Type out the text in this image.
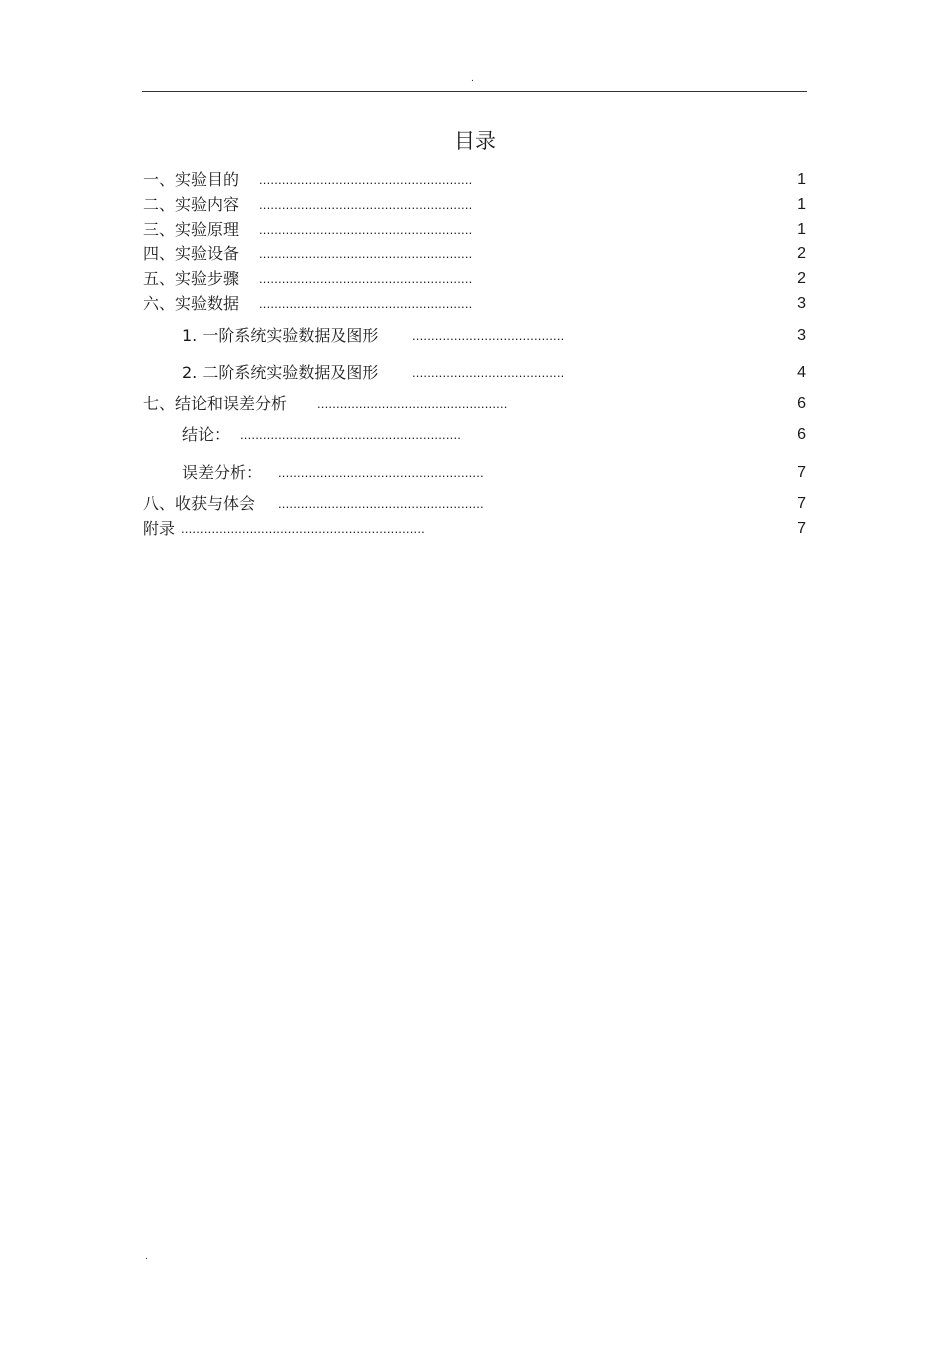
.
目录
一、实验目的 ........................................................	1
二、实验内容 ........................................................	1
三、实验原理 ........................................................	1
四、实验设备 ........................................................	2
五、实验步骤 ........................................................	2
六、实验数据 ........................................................	3
1. 一阶系统实验数据及图形	........................................	3
2. 二阶系统实验数据及图形	........................................	4
七、结论和误差分析 ..................................................	6
结论： ..........................................................	6
误差分析： ......................................................	7
八、收获与体会 ......................................................	7
附录 ................................................................	7
.
